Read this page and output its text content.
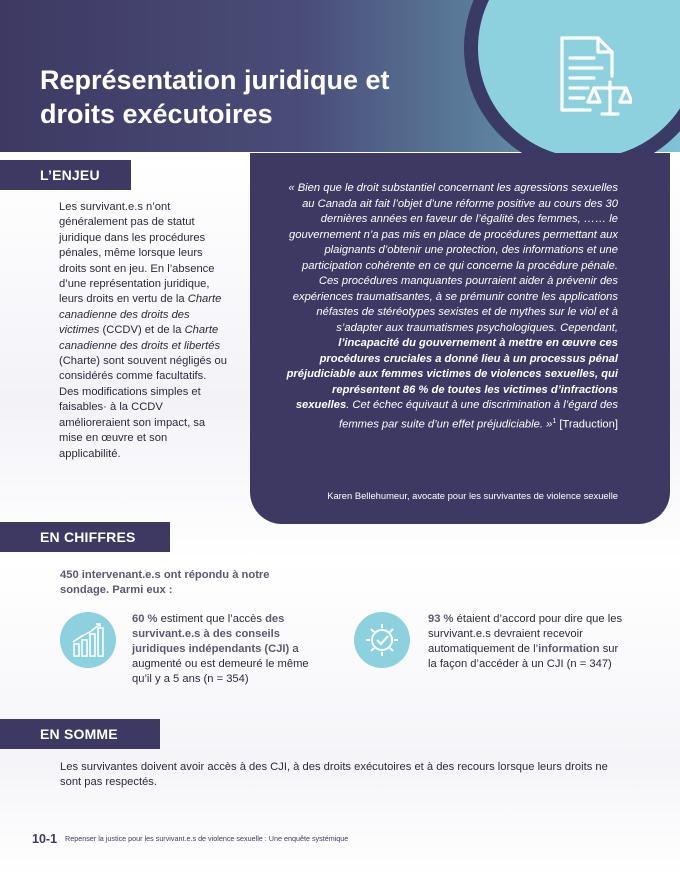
Représentation juridique et
droits exécutoires
L’ENJEU
Les survivant.e.s n’ont généralement pas de statut juridique dans les procédures pénales, même lorsque leurs droits sont en jeu. En l’absence d’une représentation juridique, leurs droits en vertu de la Charte canadienne des droits des victimes (CCDV) et de la Charte canadienne des droits et libertés (Charte) sont souvent négligés ou considérés comme facultatifs. Des modifications simples et faisables· à la CCDV amélioreraient son impact, sa mise en œuvre et son applicabilité.
« Bien que le droit substantiel concernant les agressions sexuelles au Canada ait fait l’objet d’une réforme positive au cours des 30 dernières années en faveur de l’égalité des femmes, …… le gouvernement n’a pas mis en place de procédures permettant aux plaignants d’obtenir une protection, des informations et une participation cohérente en ce qui concerne la procédure pénale. Ces procédures manquantes pourraient aider à prévenir des expériences traumatisantes, à se prémunir contre les applications néfastes de stéréotypes sexistes et de mythes sur le viol et à s’adapter aux traumatismes psychologiques. Cependant, l’incapacité du gouvernement à mettre en œuvre ces procédures cruciales a donné lieu à un processus pénal préjudiciable aux femmes victimes de violences sexuelles, qui représentent 86 % de toutes les victimes d’infractions sexuelles. Cet échec équivaut à une discrimination à l’égard des femmes par suite d’un effet préjudiciable. »$^1$ [Traduction]
Karen Bellehumeur, avocate pour les survivantes de violence sexuelle
EN CHIFFRES
450 intervenant.e.s ont répondu à notre sondage. Parmi eux :
60 % estiment que l’accès des survivant.e.s à des conseils juridiques indépendants (CJI) a augmenté ou est demeuré le même qu’il y a 5 ans (n = 354)
93 % étaient d’accord pour dire que les survivant.e.s devraient recevoir automatiquement de l’information sur la façon d’accéder à un CJI (n = 347)
EN SOMME
Les survivantes doivent avoir accès à des CJI, à des droits exécutoires et à des recours lorsque leurs droits ne sont pas respectés.
10-1 Repenser la justice pour les survivant.e.s de violence sexuelle : Une enquête systémique
